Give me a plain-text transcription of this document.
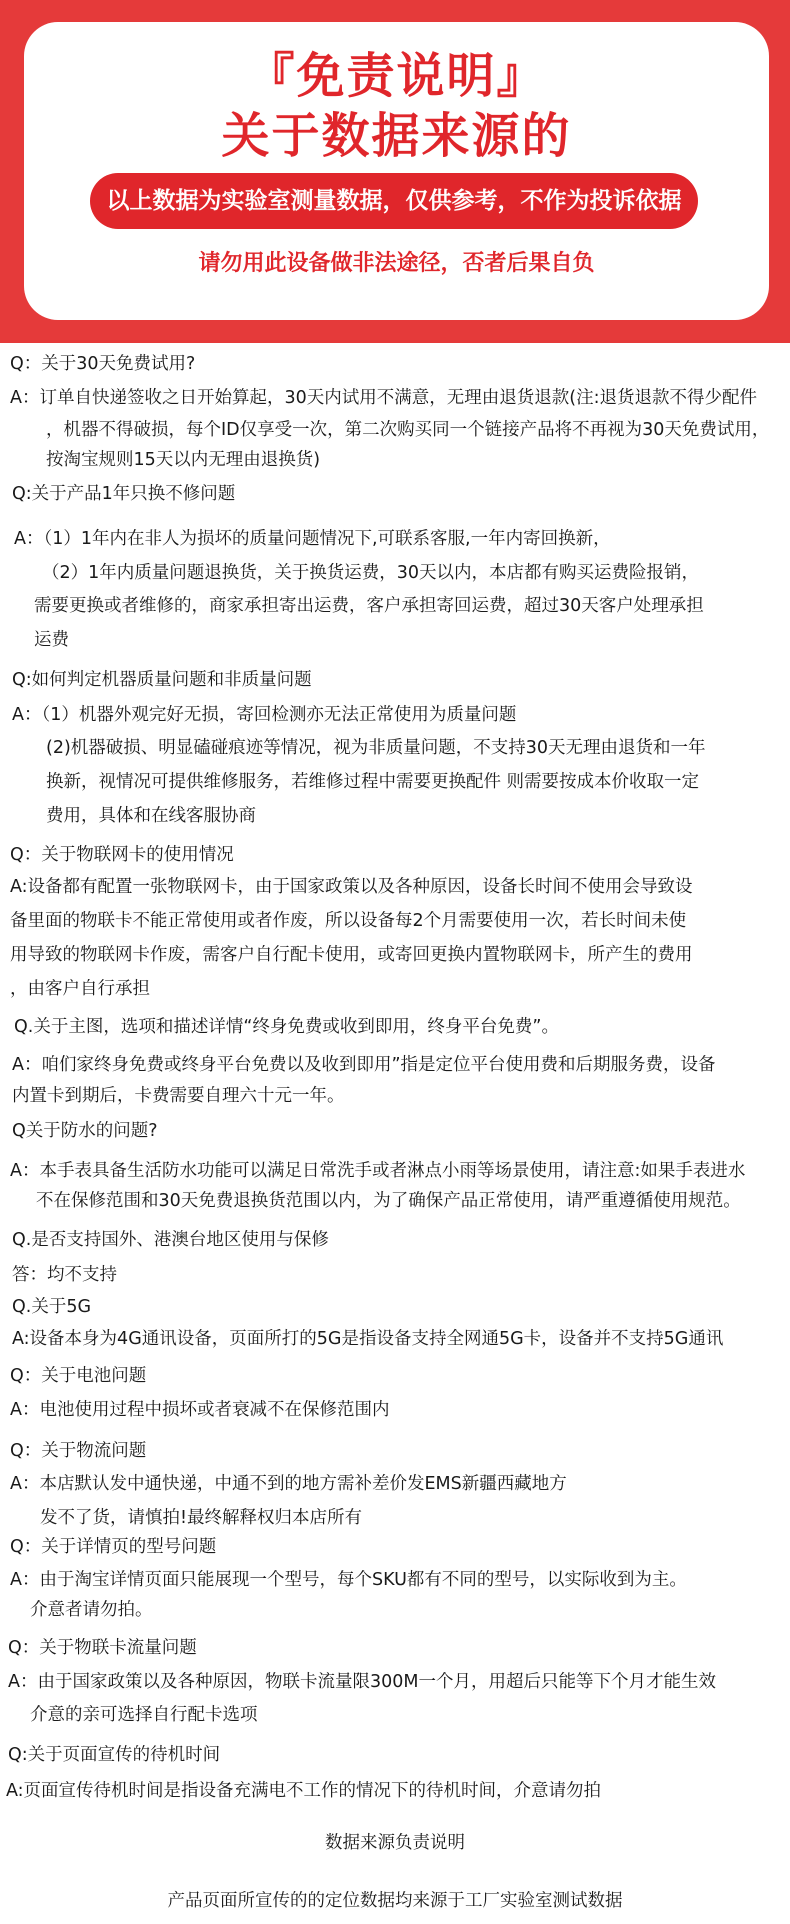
『免责说明』
关于数据来源的
以上数据为实验室测量数据，仅供参考，不作为投诉依据
请勿用此设备做非法途径，否者后果自负
Q：关于30天免费试用?
A：订单自快递签收之日开始算起，30天内试用不满意，无理由退货退款(注:退货退款不得少配件
，机器不得破损，每个ID仅享受一次，第二次购买同一个链接产品将不再视为30天免费试用，
按淘宝规则15天以内无理由退换货)
Q:关于产品1年只换不修问题
A：（1）1年内在非人为损坏的质量问题情况下,可联系客服,一年内寄回换新，
（2）1年内质量问题退换货，关于换货运费，30天以内，本店都有购买运费险报销，
需要更换或者维修的，商家承担寄出运费，客户承担寄回运费，超过30天客户处理承担
运费
Q:如何判定机器质量问题和非质量问题
A：（1）机器外观完好无损，寄回检测亦无法正常使用为质量问题
(2)机器破损、明显磕碰痕迹等情况，视为非质量问题，不支持30天无理由退货和一年
换新，视情况可提供维修服务，若维修过程中需要更换配件 则需要按成本价收取一定
费用，具体和在线客服协商
Q：关于物联网卡的使用情况
A:设备都有配置一张物联网卡，由于国家政策以及各种原因，设备长时间不使用会导致设
备里面的物联卡不能正常使用或者作废，所以设备每2个月需要使用一次，若长时间未使
用导致的物联网卡作废，需客户自行配卡使用，或寄回更换内置物联网卡，所产生的费用
，由客户自行承担
Q.关于主图，选项和描述详情“终身免费或收到即用，终身平台免费”。
A：咱们家终身免费或终身平台免费以及收到即用”指是定位平台使用费和后期服务费，设备
内置卡到期后，卡费需要自理六十元一年。
Q关于防水的问题?
A：本手表具备生活防水功能可以满足日常洗手或者淋点小雨等场景使用，请注意:如果手表进水
不在保修范围和30天免费退换货范围以内，为了确保产品正常使用，请严重遵循使用规范。
Q.是否支持国外、港澳台地区使用与保修
答：均不支持
Q.关于5G
A:设备本身为4G通讯设备，页面所打的5G是指设备支持全网通5G卡，设备并不支持5G通讯
Q：关于电池问题
A：电池使用过程中损坏或者衰减不在保修范围内
Q：关于物流问题
A：本店默认发中通快递，中通不到的地方需补差价发EMS新疆西藏地方
发不了货，请慎拍!最终解释权归本店所有
Q：关于详情页的型号问题
A：由于淘宝详情页面只能展现一个型号，每个SKU都有不同的型号，以实际收到为主。
介意者请勿拍。
Q：关于物联卡流量问题
A：由于国家政策以及各种原因，物联卡流量限300M一个月，用超后只能等下个月才能生效
介意的亲可选择自行配卡选项
Q:关于页面宣传的待机时间
A:页面宣传待机时间是指设备充满电不工作的情况下的待机时间，介意请勿拍
数据来源负责说明
产品页面所宣传的的定位数据均来源于工厂实验室测试数据
